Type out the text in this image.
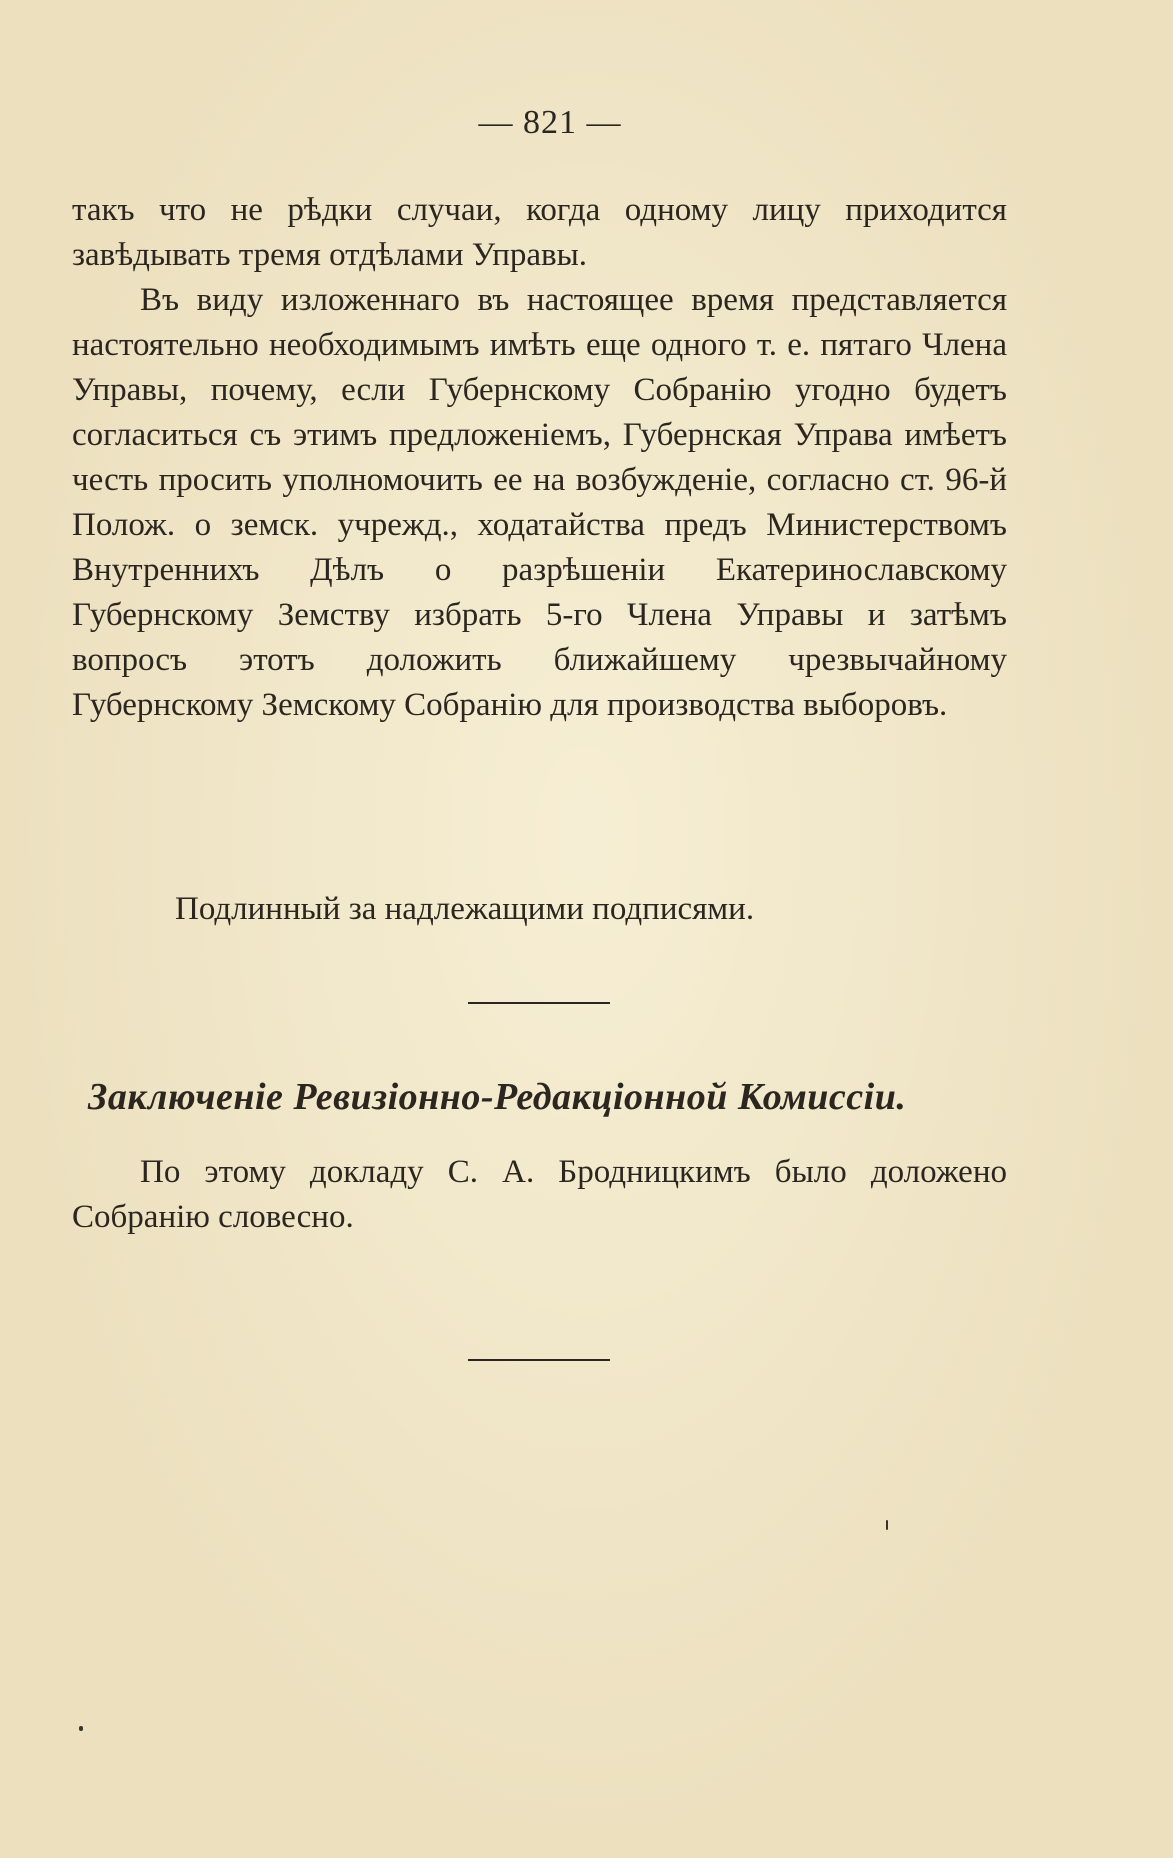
— 821 —

такъ что не рѣдки случаи, когда одному лицу приходится завѣдывать тремя отдѣлами Управы.

Въ виду изложеннаго въ настоящее время представляется настоятельно необходимымъ имѣть еще одного т. е. пятаго Члена Управы, почему, если Губернскому Собранію угодно будетъ согласиться съ этимъ предложеніемъ, Губернская Управа имѣетъ честь просить уполномочить ее на возбужденіе, согласно ст. 96-й Полож. о земск. учрежд., ходатайства предъ Министерствомъ Внутреннихъ Дѣлъ о разрѣшеніи Екатеринославскому Губернскому Земству избрать 5-го Члена Управы и затѣмъ вопросъ этотъ доложить ближайшему чрезвычайному Губернскому Земскому Собранію для производства выборовъ.

Подлинный за надлежащими подписями.
Заключеніе Ревизіонно-Редакціонной Комиссіи.

По этому докладу С. А. Бродницкимъ было доложено Собранію словесно.
